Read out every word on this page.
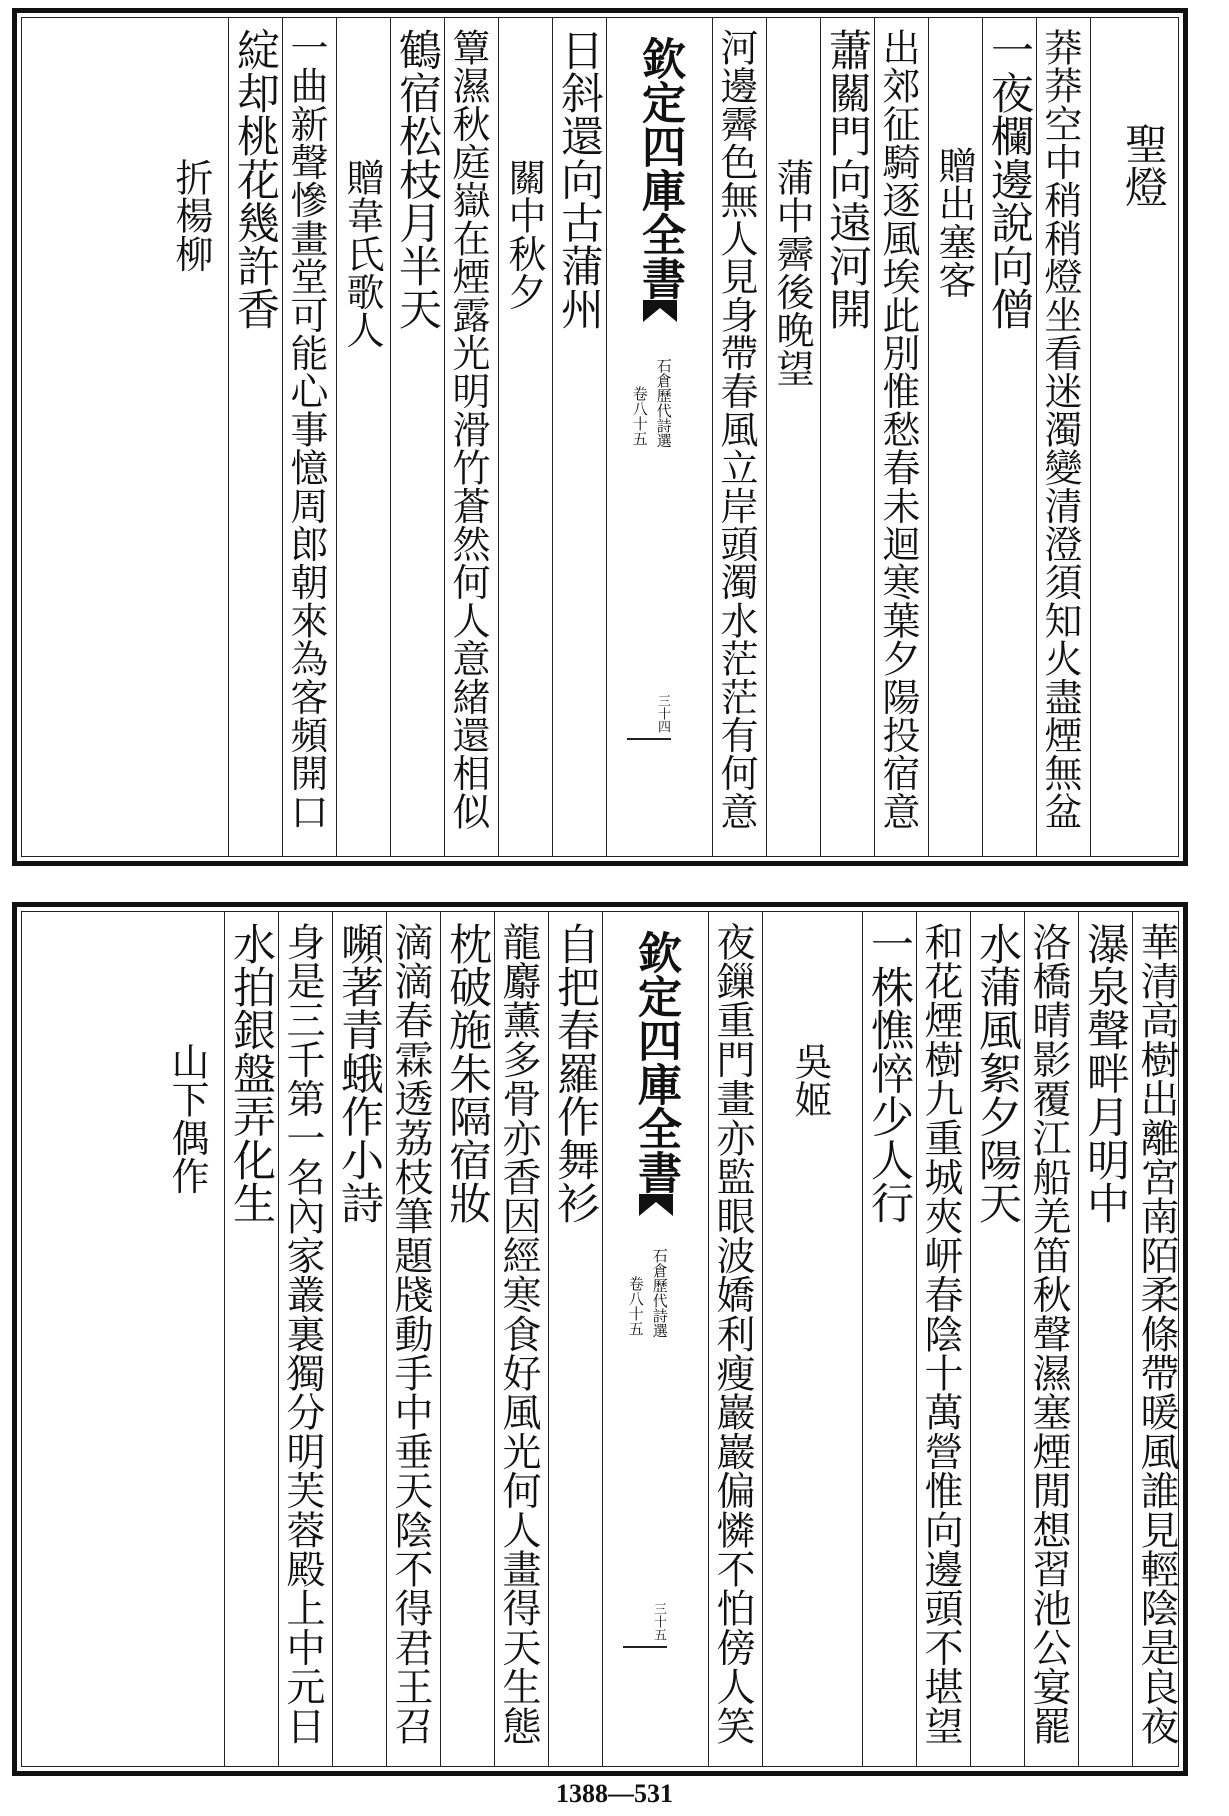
聖燈
莽莽空中稍稍燈坐看迷濁變清澄須知火盡煙無盆
一夜欄邊說向僧
贈出塞客
出郊征騎逐風埃此別惟愁春未迴寒葉夕陽投宿意
蕭關門向遠河開
蒲中霽後晚望
河邊霽色無人見身帶春風立岸頭濁水茫茫有何意
欽定四庫全書
石倉歷代詩選
卷八十五
三十四
日斜還向古蒲州
關中秋夕
簟濕秋庭嶽在煙露光明滑竹蒼然何人意緒還相似
鶴宿松枝月半天
贈韋氏歌人
一曲新聲慘畫堂可能心事憶周郎朝來為客頻開口
綻却桃花幾許香
折楊柳
華清高樹出離宮南陌柔條帶暖風誰見輕陰是良夜
瀑泉聲畔月明中
洛橋晴影覆江船羌笛秋聲濕塞煙閒想習池公宴罷
水蒲風絮夕陽天
和花煙樹九重城夾岍春陰十萬營惟向邊頭不堪望
一株憔悴少人行
吳姬
夜鏁重門畫亦監眼波嬌利瘦巖巖偏憐不怕傍人笑
欽定四庫全書
石倉歷代詩選
卷八十五
三十五
自把春羅作舞衫
龍麝薰多骨亦香因經寒食好風光何人畫得天生態
枕破施朱隔宿妝
滴滴春霖透荔枝筆題牋動手中垂天陰不得君王召
嚬著青蛾作小詩
身是三千第一名內家叢裏獨分明芙蓉殿上中元日
水拍銀盤弄化生
山下偶作
1388—531
